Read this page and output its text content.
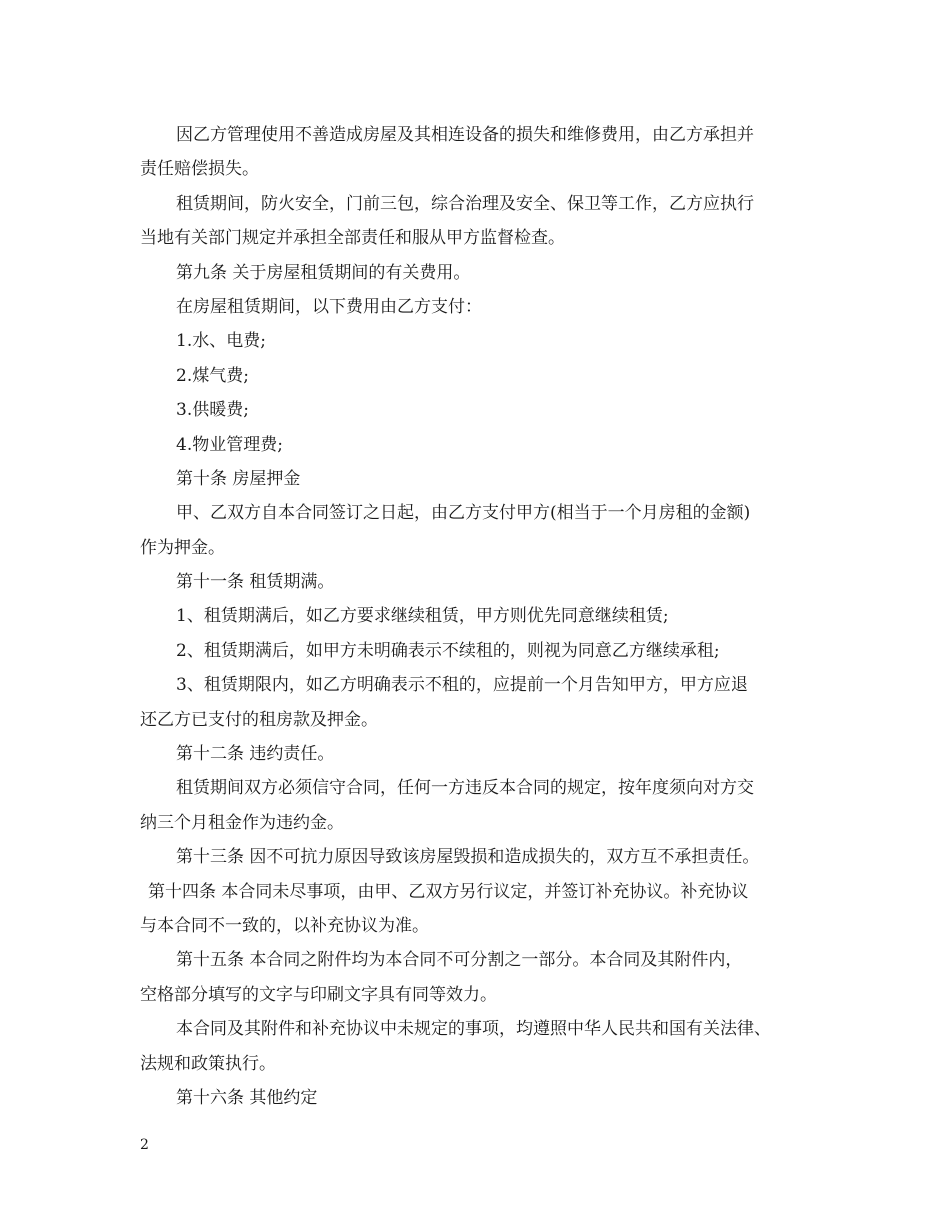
因乙方管理使用不善造成房屋及其相连设备的损失和维修费用，由乙方承担并
责任赔偿损失。
租赁期间，防火安全，门前三包，综合治理及安全、保卫等工作，乙方应执行
当地有关部门规定并承担全部责任和服从甲方监督检查。
第九条 关于房屋租赁期间的有关费用。
在房屋租赁期间，以下费用由乙方支付：
1.水、电费;
2.煤气费;
3.供暖费;
4.物业管理费;
第十条 房屋押金
甲、乙双方自本合同签订之日起，由乙方支付甲方(相当于一个月房租的金额)
作为押金。
第十一条 租赁期满。
1、租赁期满后，如乙方要求继续租赁，甲方则优先同意继续租赁;
2、租赁期满后，如甲方未明确表示不续租的，则视为同意乙方继续承租;
3、租赁期限内，如乙方明确表示不租的，应提前一个月告知甲方，甲方应退
还乙方已支付的租房款及押金。
第十二条 违约责任。
租赁期间双方必须信守合同，任何一方违反本合同的规定，按年度须向对方交
纳三个月租金作为违约金。
第十三条 因不可抗力原因导致该房屋毁损和造成损失的，双方互不承担责任。
第十四条 本合同未尽事项，由甲、乙双方另行议定，并签订补充协议。补充协议
与本合同不一致的，以补充协议为准。
第十五条 本合同之附件均为本合同不可分割之一部分。本合同及其附件内，
空格部分填写的文字与印刷文字具有同等效力。
本合同及其附件和补充协议中未规定的事项，均遵照中华人民共和国有关法律、
法规和政策执行。
第十六条 其他约定
2
